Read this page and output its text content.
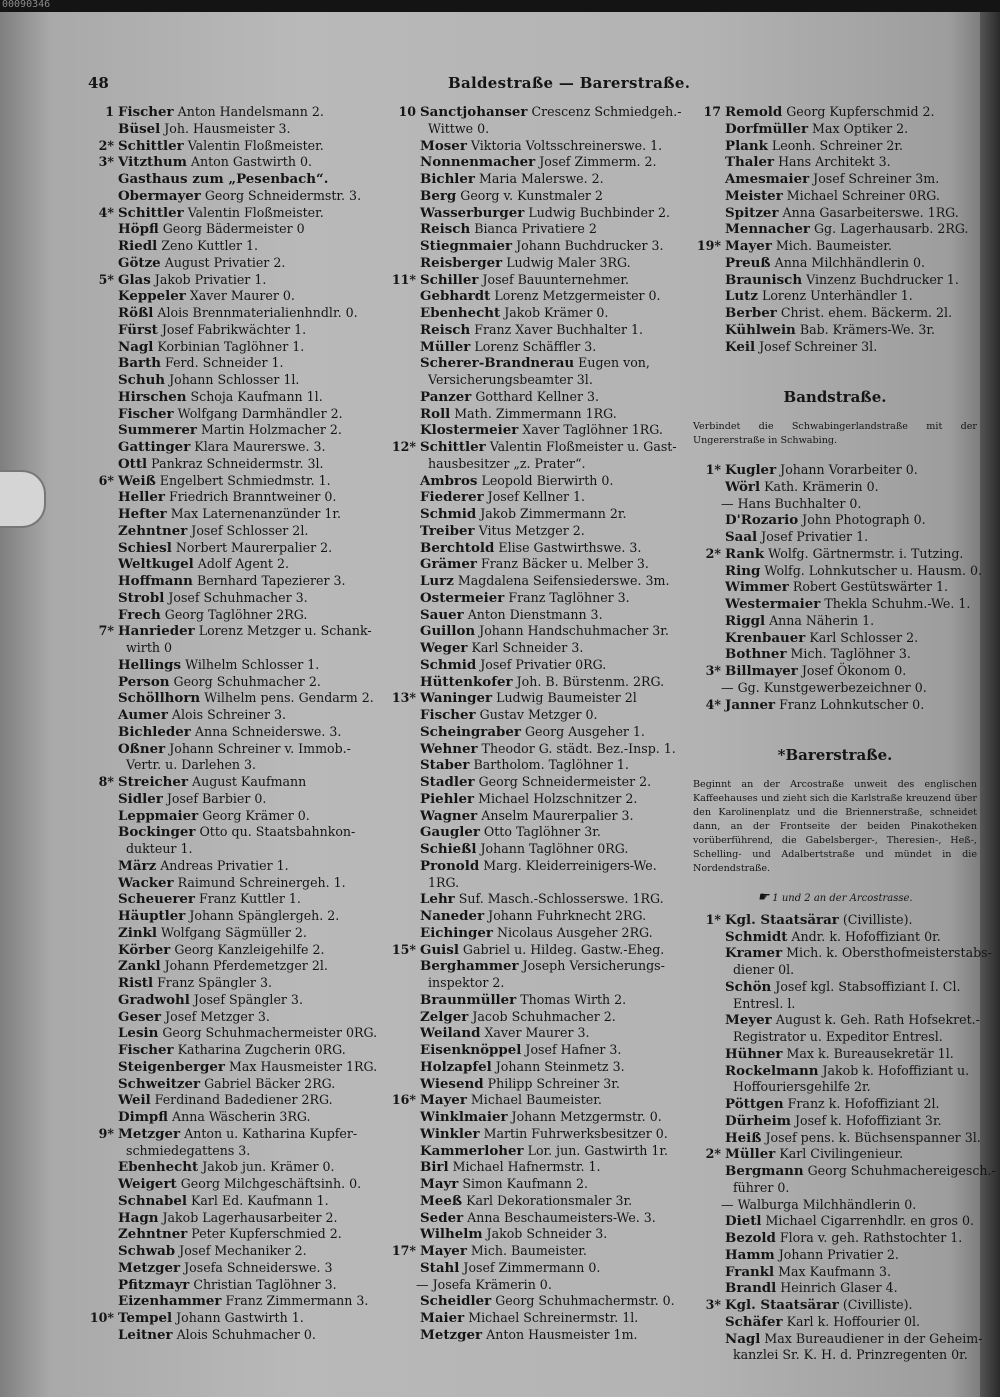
00090346
48	Baldestraße — Barerstraße.
1 Fischer Anton Handelsmann 2.
Büsel Joh. Hausmeister 3.
2* Schittler Valentin Floßmeister.
3* Vitzthum Anton Gastwirth 0.
Gasthaus zum „Pesenbach“.
Obermayer Georg Schneidermstr. 3.
4* Schittler Valentin Floßmeister.
Höpfl Georg Bädermeister 0
Riedl Zeno Kuttler 1.
Götze August Privatier 2.
5* Glas Jakob Privatier 1.
Keppeler Xaver Maurer 0.
Rößl Alois Brennmaterialienhndlr. 0.
Fürst Josef Fabrikwächter 1.
Nagl Korbinian Taglöhner 1.
Barth Ferd. Schneider 1.
Schuh Johann Schlosser 1l.
Hirschen Schoja Kaufmann 1l.
Fischer Wolfgang Darmhändler 2.
Summerer Martin Holzmacher 2.
Gattinger Klara Maurerswe. 3.
Ottl Pankraz Schneidermstr. 3l.
6* Weiß Engelbert Schmiedmstr. 1.
Heller Friedrich Branntweiner 0.
Hefter Max Laternenanzünder 1r.
Zehntner Josef Schlosser 2l.
Schiesl Norbert Maurerpalier 2.
Weltkugel Adolf Agent 2.
Hoffmann Bernhard Tapezierer 3.
Strobl Josef Schuhmacher 3.
Frech Georg Taglöhner 2RG.
7* Hanrieder Lorenz Metzger u. Schank-
wirth 0
Hellings Wilhelm Schlosser 1.
Person Georg Schuhmacher 2.
Schöllhorn Wilhelm pens. Gendarm 2.
Aumer Alois Schreiner 3.
Bichleder Anna Schneiderswe. 3.
Oßner Johann Schreiner v. Immob.-
Vertr. u. Darlehen 3.
8* Streicher August Kaufmann
Sidler Josef Barbier 0.
Leppmaier Georg Krämer 0.
Bockinger Otto qu. Staatsbahnkon-
dukteur 1.
März Andreas Privatier 1.
Wacker Raimund Schreinergeh. 1.
Scheuerer Franz Kuttler 1.
Häuptler Johann Spänglergeh. 2.
Zinkl Wolfgang Sägmüller 2.
Körber Georg Kanzleigehilfe 2.
Zankl Johann Pferdemetzger 2l.
Ristl Franz Spängler 3.
Gradwohl Josef Spängler 3.
Geser Josef Metzger 3.
Lesin Georg Schuhmachermeister 0RG.
Fischer Katharina Zugcherin 0RG.
Steigenberger Max Hausmeister 1RG.
Schweitzer Gabriel Bäcker 2RG.
Weil Ferdinand Badediener 2RG.
Dimpfl Anna Wäscherin 3RG.
9* Metzger Anton u. Katharina Kupfer-
schmiedegattens 3.
Ebenhecht Jakob jun. Krämer 0.
Weigert Georg Milchgeschäftsinh. 0.
Schnabel Karl Ed. Kaufmann 1.
Hagn Jakob Lagerhausarbeiter 2.
Zehntner Peter Kupferschmied 2.
Schwab Josef Mechaniker 2.
Metzger Josefa Schneiderswe. 3
Pfitzmayr Christian Taglöhner 3.
Eizenhammer Franz Zimmermann 3.
10* Tempel Johann Gastwirth 1.
Leitner Alois Schuhmacher 0.
10 Sanctjohanser Crescenz Schmiedgeh.-
Wittwe 0.
Moser Viktoria Voltsschreinerswe. 1.
Nonnenmacher Josef Zimmerm. 2.
Bichler Maria Malerswe. 2.
Berg Georg v. Kunstmaler 2
Wasserburger Ludwig Buchbinder 2.
Reisch Bianca Privatiere 2
Stiegnmaier Johann Buchdrucker 3.
Reisberger Ludwig Maler 3RG.
11* Schiller Josef Bauunternehmer.
Gebhardt Lorenz Metzgermeister 0.
Ebenhecht Jakob Krämer 0.
Reisch Franz Xaver Buchhalter 1.
Müller Lorenz Schäffler 3.
Scherer-Brandnerau Eugen von,
Versicherungsbeamter 3l.
Panzer Gotthard Kellner 3.
Roll Math. Zimmermann 1RG.
Klostermeier Xaver Taglöhner 1RG.
12* Schittler Valentin Floßmeister u. Gast-
hausbesitzer „z. Prater“.
Ambros Leopold Bierwirth 0.
Fiederer Josef Kellner 1.
Schmid Jakob Zimmermann 2r.
Treiber Vitus Metzger 2.
Berchtold Elise Gastwirthswe. 3.
Grämer Franz Bäcker u. Melber 3.
Lurz Magdalena Seifensiederswe. 3m.
Ostermeier Franz Taglöhner 3.
Sauer Anton Dienstmann 3.
Guillon Johann Handschuhmacher 3r.
Weger Karl Schneider 3.
Schmid Josef Privatier 0RG.
Hüttenkofer Joh. B. Bürstenm. 2RG.
13* Waninger Ludwig Baumeister 2l
Fischer Gustav Metzger 0.
Scheingraber Georg Ausgeher 1.
Wehner Theodor G. städt. Bez.-Insp. 1.
Staber Bartholom. Taglöhner 1.
Stadler Georg Schneidermeister 2.
Piehler Michael Holzschnitzer 2.
Wagner Anselm Maurerpalier 3.
Gaugler Otto Taglöhner 3r.
Schießl Johann Taglöhner 0RG.
Pronold Marg. Kleiderreinigers-We.
1RG.
Lehr Suf. Masch.-Schlosserswe. 1RG.
Naneder Johann Fuhrknecht 2RG.
Eichinger Nicolaus Ausgeher 2RG.
15* Guisl Gabriel u. Hildeg. Gastw.-Eheg.
Berghammer Joseph Versicherungs-
inspektor 2.
Braunmüller Thomas Wirth 2.
Zelger Jacob Schuhmacher 2.
Weiland Xaver Maurer 3.
Eisenknöppel Josef Hafner 3.
Holzapfel Johann Steinmetz 3.
Wiesend Philipp Schreiner 3r.
16* Mayer Michael Baumeister.
Winklmaier Johann Metzgermstr. 0.
Winkler Martin Fuhrwerksbesitzer 0.
Kammerloher Lor. jun. Gastwirth 1r.
Birl Michael Hafnermstr. 1.
Mayr Simon Kaufmann 2.
Meeß Karl Dekorationsmaler 3r.
Seder Anna Beschaumeisters-We. 3.
Wilhelm Jakob Schneider 3.
17* Mayer Mich. Baumeister.
Stahl Josef Zimmermann 0.
— Josefa Krämerin 0.
Scheidler Georg Schuhmachermstr. 0.
Maier Michael Schreinermstr. 1l.
Metzger Anton Hausmeister 1m.
17 Remold Georg Kupferschmid 2.
Dorfmüller Max Optiker 2.
Plank Leonh. Schreiner 2r.
Thaler Hans Architekt 3.
Amesmaier Josef Schreiner 3m.
Meister Michael Schreiner 0RG.
Spitzer Anna Gasarbeiterswe. 1RG.
Mennacher Gg. Lagerhausarb. 2RG.
19* Mayer Mich. Baumeister.
Preuß Anna Milchhändlerin 0.
Braunisch Vinzenz Buchdrucker 1.
Lutz Lorenz Unterhändler 1.
Berber Christ. ehem. Bäckerm. 2l.
Kühlwein Bab. Krämers-We. 3r.
Keil Josef Schreiner 3l.
Bandstraße.
Verbindet die Schwabingerlandstraße mit der Ungererstraße in Schwabing.
1* Kugler Johann Vorarbeiter 0.
Wörl Kath. Krämerin 0.
— Hans Buchhalter 0.
D'Rozario John Photograph 0.
Saal Josef Privatier 1.
2* Rank Wolfg. Gärtnermstr. i. Tutzing.
Ring Wolfg. Lohnkutscher u. Hausm. 0.
Wimmer Robert Gestütswärter 1.
Westermaier Thekla Schuhm.-We. 1.
Riggl Anna Näherin 1.
Krenbauer Karl Schlosser 2.
Bothner Mich. Taglöhner 3.
3* Billmayer Josef Ökonom 0.
— Gg. Kunstgewerbezeichner 0.
4* Janner Franz Lohnkutscher 0.
*Barerstraße.
Beginnt an der Arcostraße unweit des englischen Kaffeehauses und zieht sich die Karlstraße kreuzend über den Karolinenplatz und die Briennerstraße, schneidet dann, an der Frontseite der beiden Pinakotheken vorüberführend, die Gabelsberger-, Theresien-, Heß-, Schelling- und Adalbertstraße und mündet in die Nordendstraße.
☛ 1 und 2 an der Arcostrasse.
1* Kgl. Staatsärar (Civilliste).
Schmidt Andr. k. Hofoffiziant 0r.
Kramer Mich. k. Obersthofmeisterstabs-
diener 0l.
Schön Josef kgl. Stabsoffiziant I. Cl.
Entresl. l.
Meyer August k. Geh. Rath Hofsekret.-
Registrator u. Expeditor Entresl.
Hühner Max k. Bureausekretär 1l.
Rockelmann Jakob k. Hofoffiziant u.
Hoffouriersgehilfe 2r.
Pöttgen Franz k. Hofoffiziant 2l.
Dürheim Josef k. Hofoffiziant 3r.
Heiß Josef pens. k. Büchsenspanner 3l.
2* Müller Karl Civilingenieur.
Bergmann Georg Schuhmachereigesch.-
führer 0.
— Walburga Milchhändlerin 0.
Dietl Michael Cigarrenhdlr. en gros 0.
Bezold Flora v. geh. Rathstochter 1.
Hamm Johann Privatier 2.
Frankl Max Kaufmann 3.
Brandl Heinrich Glaser 4.
3* Kgl. Staatsärar (Civilliste).
Schäfer Karl k. Hoffourier 0l.
Nagl Max Bureaudiener in der Geheim-
kanzlei Sr. K. H. d. Prinzregenten 0r.
